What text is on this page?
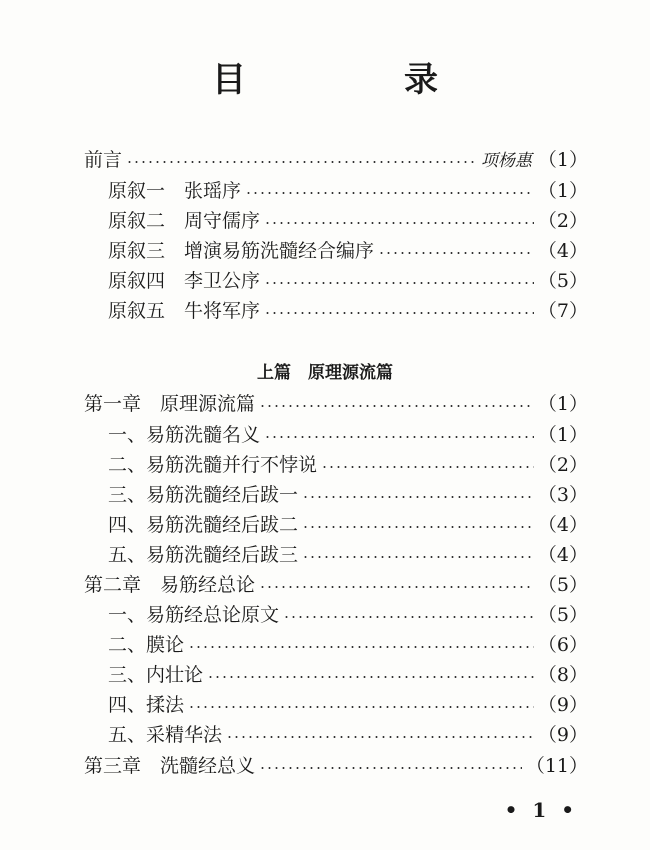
目　录
前言	项杨惠 （1）
原叙一　张瑶序	（1）
原叙二　周守儒序	（2）
原叙三　增演易筋洗髓经合编序	（4）
原叙四　李卫公序	（5）
原叙五　牛将军序	（7）
上篇　原理源流篇
第一章　原理源流篇	（1）
一、易筋洗髓名义	（1）
二、易筋洗髓并行不悖说	（2）
三、易筋洗髓经后跋一	（3）
四、易筋洗髓经后跋二	（4）
五、易筋洗髓经后跋三	（4）
第二章　易筋经总论	（5）
一、易筋经总论原文	（5）
二、膜论	（6）
三、内壮论	（8）
四、揉法	（9）
五、采精华法	（9）
第三章　洗髓经总义	（11）
• 1 •
